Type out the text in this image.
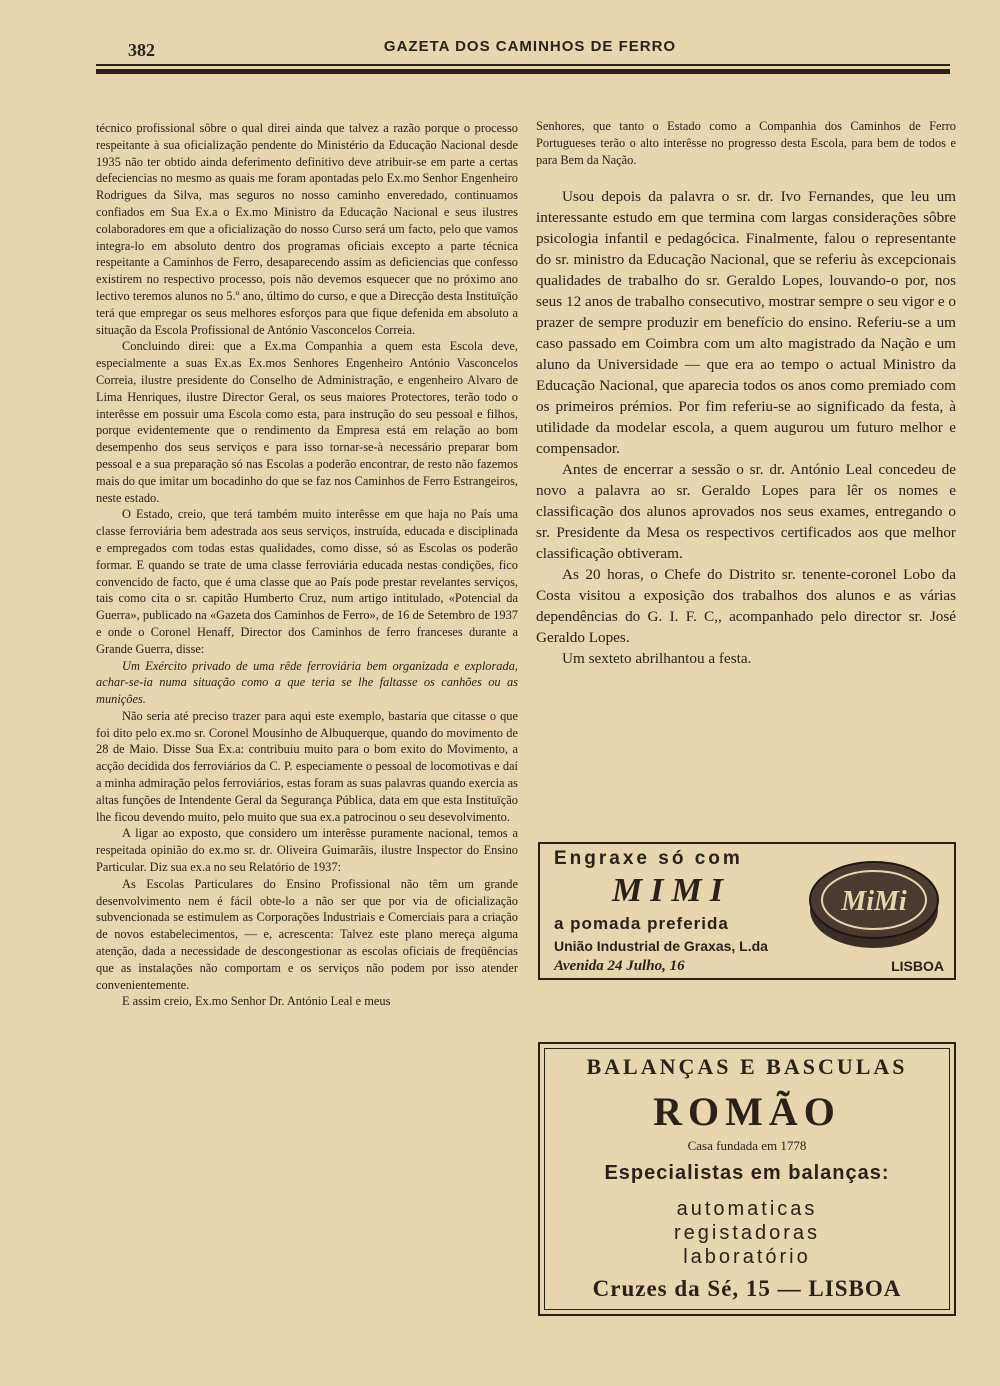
382	GAZETA DOS CAMINHOS DE FERRO

técnico profissional sôbre o qual direi ainda que talvez a razão porque o processo respeitante à sua oficialização pendente do Ministério da Educação Nacional desde 1935 não ter obtido ainda deferimento definitivo deve atribuir-se em parte a certas defeciencias no mesmo as quais me foram apontadas pelo Ex.mo Senhor Engenheiro Rodrigues da Silva, mas seguros no nosso caminho enveredado, continuamos confiados em Sua Ex.a o Ex.mo Ministro da Educação Nacional e seus ilustres colaboradores em que a oficialização do nosso Curso será um facto, pelo que vamos integra-lo em absoluto dentro dos programas oficiais excepto a parte técnica respeitante a Caminhos de Ferro, desaparecendo assim as deficiencias que confesso existirem no respectivo processo, pois não devemos esquecer que no próximo ano lectivo teremos alunos no 5.º ano, último do curso, e que a Direcção desta Instituïção terá que empregar os seus melhores esforços para que fique defenida em absoluto a situação da Escola Profissional de António Vasconcelos Correia.

Concluindo direi: que a Ex.ma Companhia a quem esta Escola deve, especialmente a suas Ex.as Ex.mos Senhores Engenheiro António Vasconcelos Correia, ilustre presidente do Conselho de Administração, e engenheiro Alvaro de Lima Henriques, ilustre Director Geral, os seus maiores Protectores, terão todo o interêsse em possuir uma Escola como esta, para instrução do seu pessoal e filhos, porque evidentemente que o rendimento da Empresa está em relação ao bom desempenho dos seus serviços e para isso tornar-se-à necessário preparar bom pessoal e a sua preparação só nas Escolas a poderão encontrar, de resto não fazemos mais do que imitar um bocadinho do que se faz nos Caminhos de Ferro Estrangeiros, neste estado.

O Estado, creio, que terá também muito interêsse em que haja no País uma classe ferroviária bem adestrada aos seus serviços, instruída, educada e disciplinada e empregados com todas estas qualidades, como disse, só as Escolas os poderão formar. E quando se trate de uma classe ferroviária educada nestas condições, fico convencido de facto, que é uma classe que ao País pode prestar revelantes serviços, tais como cita o sr. capitão Humberto Cruz, num artigo intitulado, «Potencial da Guerra», publicado na «Gazeta dos Caminhos de Ferro», de 16 de Setembro de 1937 e onde o Coronel Henaff, Director dos Caminhos de ferro franceses durante a Grande Guerra, disse:

Um Exército privado de uma rêde ferroviária bem organizada e explorada, achar-se-ia numa situação como a que teria se lhe faltasse os canhões ou as munições.

Não seria até preciso trazer para aqui este exemplo, bastaria que citasse o que foi dito pelo ex.mo sr. Coronel Mousinho de Albuquerque, quando do movimento de 28 de Maio. Disse Sua Ex.a: contribuiu muito para o bom exito do Movimento, a acção decidida dos ferroviários da C. P. especiamente o pessoal de locomotivas e daí a minha admiração pelos ferroviários, estas foram as suas palavras quando exercia as altas funções de Intendente Geral da Segurança Pública, data em que esta Instituïção lhe ficou devendo muito, pelo muito que sua ex.a patrocinou o seu desevolvimento.

A ligar ao exposto, que considero um interêsse puramente nacional, temos a respeitada opinião do ex.mo sr. dr. Oliveira Guimarãis, ilustre Inspector do Ensino Particular. Diz sua ex.a no seu Relatório de 1937:

As Escolas Particulares do Ensino Profissional não têm um grande desenvolvimento nem é fácil obte-lo a não ser que por via de oficialização subvencionada se estimulem as Corporações Industriais e Comerciais para a criação de novos estabelecimentos, — e, acrescenta: Talvez este plano mereça alguma atenção, dada a necessidade de descongestionar as escolas oficiais de freqüências que as instalações não comportam e os serviços não podem por isso atender convenientemente.

E assim creio, Ex.mo Senhor Dr. António Leal e meus

Senhores, que tanto o Estado como a Companhia dos Caminhos de Ferro Portugueses terão o alto interêsse no progresso desta Escola, para bem de todos e para Bem da Nação.

Usou depois da palavra o sr. dr. Ivo Fernandes, que leu um interessante estudo em que termina com largas considerações sôbre psicologia infantil e pedagócica. Finalmente, falou o representante do sr. ministro da Educação Nacional, que se referiu às excepcionais qualidades de trabalho do sr. Geraldo Lopes, louvando-o por, nos seus 12 anos de trabalho consecutivo, mostrar sempre o seu vigor e o prazer de sempre produzir em benefício do ensino. Referiu-se a um caso passado em Coimbra com um alto magistrado da Nação e um aluno da Universidade — que era ao tempo o actual Ministro da Educação Nacional, que aparecia todos os anos como premiado com os primeiros prémios. Por fim referiu-se ao significado da festa, à utilidade da modelar escola, a quem augurou um futuro melhor e compensador.

Antes de encerrar a sessão o sr. dr. António Leal concedeu de novo a palavra ao sr. Geraldo Lopes para lêr os nomes e classificação dos alunos aprovados nos seus exames, entregando o sr. Presidente da Mesa os respectivos certificados aos que melhor classificação obtiveram.

As 20 horas, o Chefe do Distrito sr. tenente-coronel Lobo da Costa visitou a exposição dos trabalhos dos alunos e as várias dependências do G. I. F. C,, acompanhado pelo director sr. José Geraldo Lopes.

Um sexteto abrilhantou a festa.

Engraxe só com
MIMI
a pomada preferida
União Industrial de Graxas, L.da
Avenida 24 Julho, 16	LISBOA
MiMi
BALANÇAS E BASCULAS
ROMÃO
Casa fundada em 1778
Especialistas em balanças:
automaticas
registadoras
laboratório
Cruzes da Sé, 15 — LISBOA
